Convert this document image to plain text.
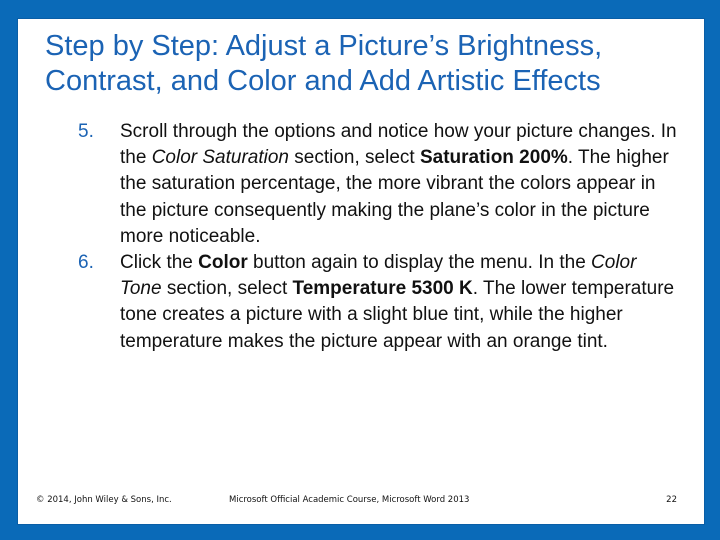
Step by Step: Adjust a Picture’s Brightness,
Contrast, and Color and Add Artistic Effects

5. Scroll through the options and notice how your picture changes. In the Color Saturation section, select Saturation 200%. The higher the saturation percentage, the more vibrant the colors appear in the picture consequently making the plane’s color in the picture more noticeable.

6. Click the Color button again to display the menu. In the Color Tone section, select Temperature 5300 K. The lower temperature tone creates a picture with a slight blue tint, while the higher temperature makes the picture appear with an orange tint.

© 2014, John Wiley & Sons, Inc.	Microsoft Official Academic Course, Microsoft Word 2013	22
